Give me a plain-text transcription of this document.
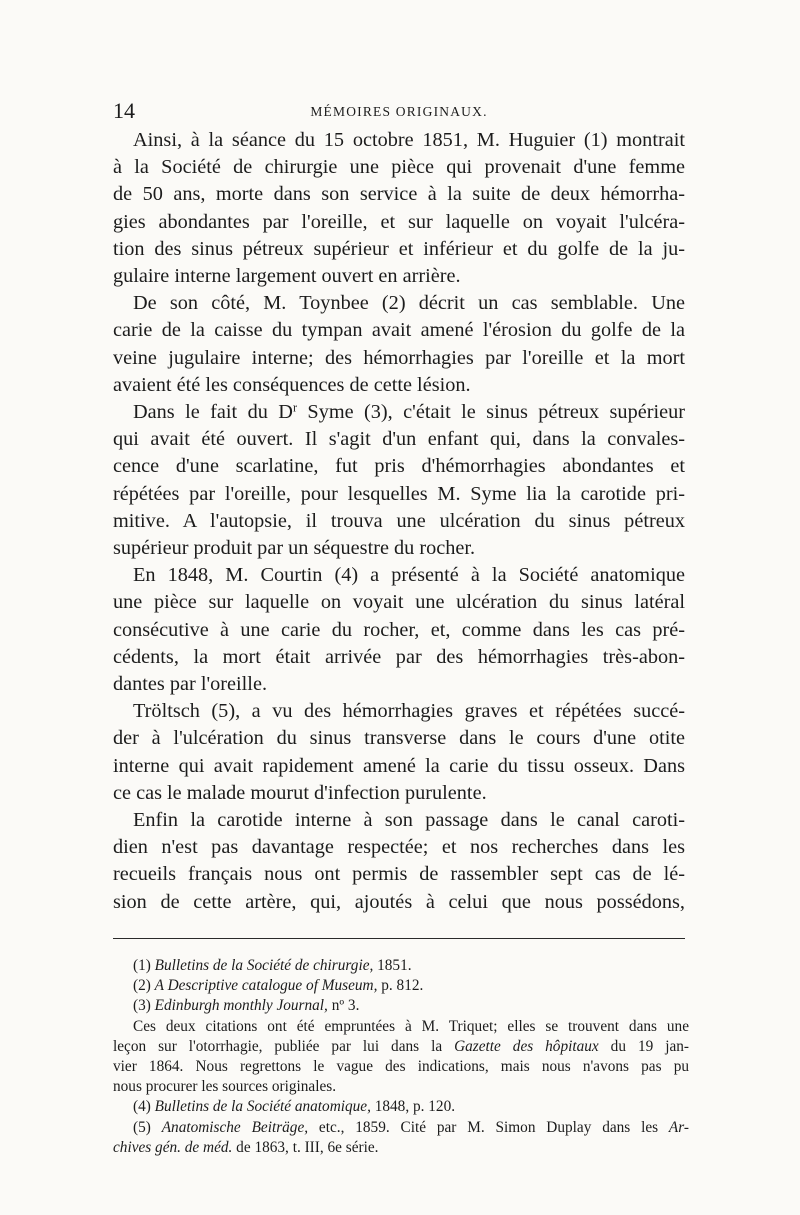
14	MÉMOIRES ORIGINAUX.
Ainsi, à la séance du 15 octobre 1851, M. Huguier (1) montrait
à la Société de chirurgie une pièce qui provenait d'une femme
de 50 ans, morte dans son service à la suite de deux hémorrha-
gies abondantes par l'oreille, et sur laquelle on voyait l'ulcéra-
tion des sinus pétreux supérieur et inférieur et du golfe de la ju-
gulaire interne largement ouvert en arrière.
De son côté, M. Toynbee (2) décrit un cas semblable. Une
carie de la caisse du tympan avait amené l'érosion du golfe de la
veine jugulaire interne; des hémorrhagies par l'oreille et la mort
avaient été les conséquences de cette lésion.
Dans le fait du $D^r$ Syme (3), c'était le sinus pétreux supérieur
qui avait été ouvert. Il s'agit d'un enfant qui, dans la convales-
cence d'une scarlatine, fut pris d'hémorrhagies abondantes et
répétées par l'oreille, pour lesquelles M. Syme lia la carotide pri-
mitive. A l'autopsie, il trouva une ulcération du sinus pétreux
supérieur produit par un séquestre du rocher.
En 1848, M. Courtin (4) a présenté à la Société anatomique
une pièce sur laquelle on voyait une ulcération du sinus latéral
consécutive à une carie du rocher, et, comme dans les cas pré-
cédents, la mort était arrivée par des hémorrhagies très-abon-
dantes par l'oreille.
Tröltsch (5), a vu des hémorrhagies graves et répétées succé-
der à l'ulcération du sinus transverse dans le cours d'une otite
interne qui avait rapidement amené la carie du tissu osseux. Dans
ce cas le malade mourut d'infection purulente.
Enfin la carotide interne à son passage dans le canal caroti-
dien n'est pas davantage respectée; et nos recherches dans les
recueils français nous ont permis de rassembler sept cas de lé-
sion de cette artère, qui, ajoutés à celui que nous possédons,
(1) Bulletins de la Société de chirurgie, 1851.
(2) A Descriptive catalogue of Museum, p. 812.
(3) Edinburgh monthly Journal, nº 3.
Ces deux citations ont été empruntées à M. Triquet; elles se trouvent dans une
leçon sur l'otorrhagie, publiée par lui dans la Gazette des hôpitaux du 19 jan-
vier 1864. Nous regrettons le vague des indications, mais nous n'avons pas pu
nous procurer les sources originales.
(4) Bulletins de la Société anatomique, 1848, p. 120.
(5) Anatomische Beiträge, etc., 1859. Cité par M. Simon Duplay dans les Ar-
chives gén. de méd. de 1863, t. III, 6e série.
